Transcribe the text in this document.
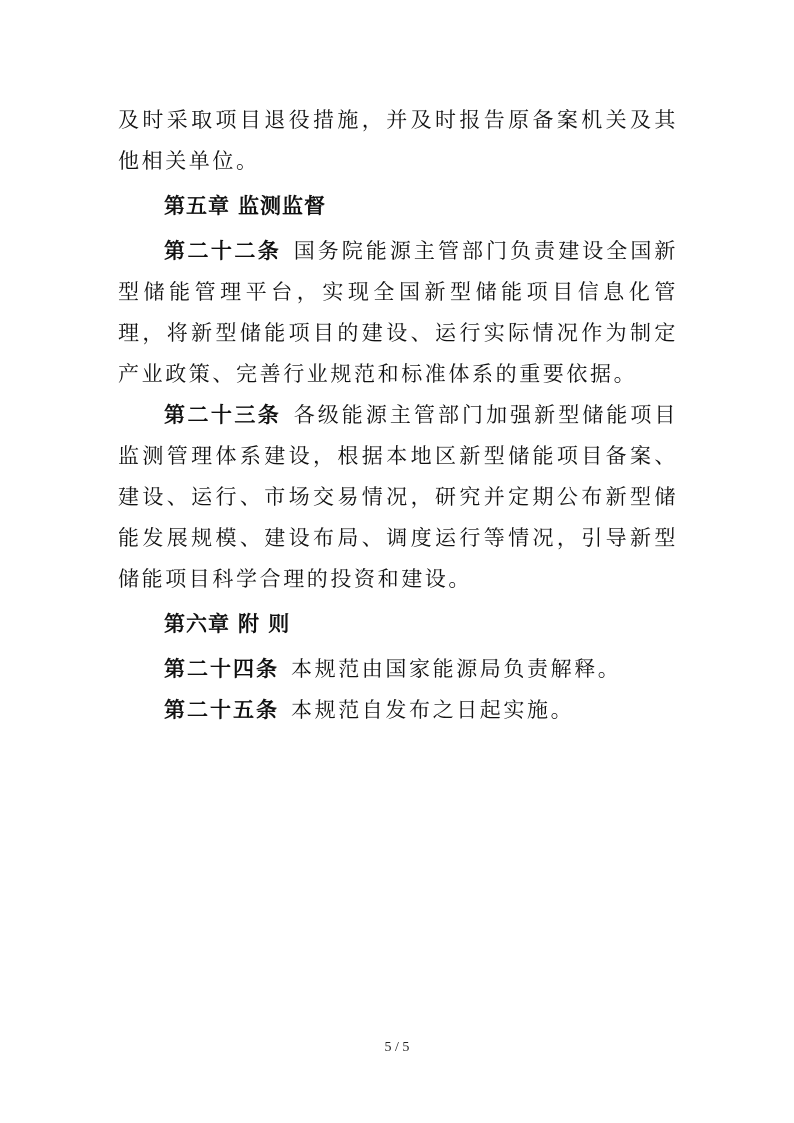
及时采取项目退役措施，并及时报告原备案机关及其他相关单位。

第五章 监测监督

第二十二条 国务院能源主管部门负责建设全国新型储能管理平台，实现全国新型储能项目信息化管理，将新型储能项目的建设、运行实际情况作为制定产业政策、完善行业规范和标准体系的重要依据。

第二十三条 各级能源主管部门加强新型储能项目监测管理体系建设，根据本地区新型储能项目备案、建设、运行、市场交易情况，研究并定期公布新型储能发展规模、建设布局、调度运行等情况，引导新型储能项目科学合理的投资和建设。

第六章 附 则

第二十四条 本规范由国家能源局负责解释。

第二十五条 本规范自发布之日起实施。

5 / 5
